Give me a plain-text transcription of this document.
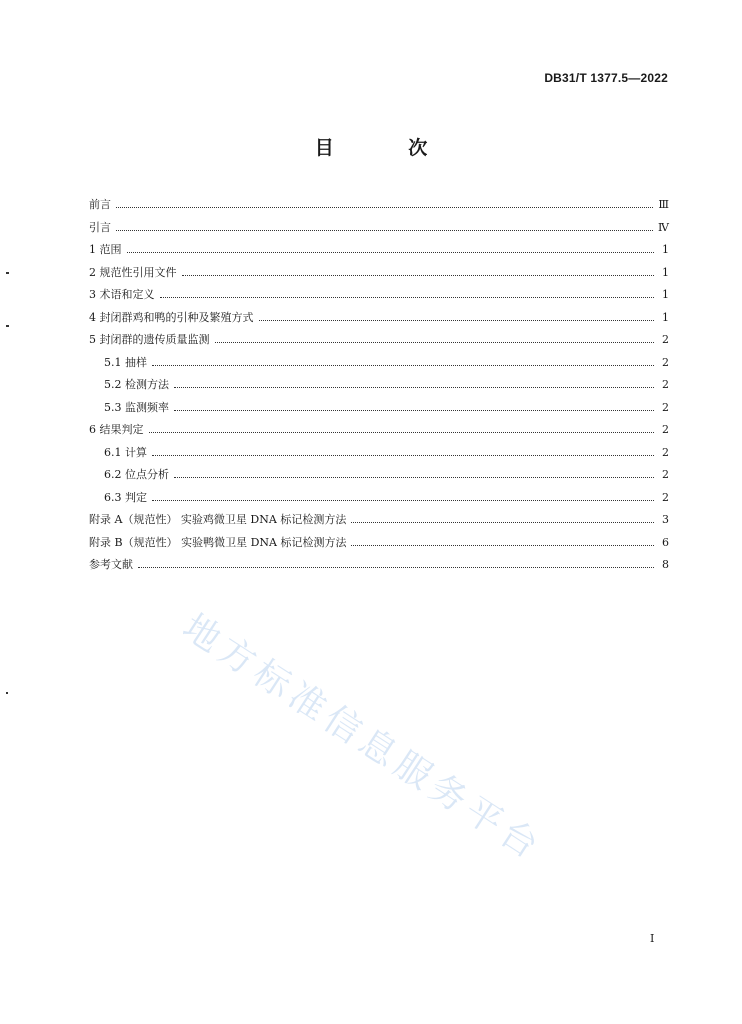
DB31/T 1377.5—2022
目 次
前言	Ⅲ
引言	Ⅳ
1 范围	1
2 规范性引用文件	1
3 术语和定义	1
4 封闭群鸡和鸭的引种及繁殖方式	1
5 封闭群的遗传质量监测	2
5.1 抽样	2
5.2 检测方法	2
5.3 监测频率	2
6 结果判定	2
6.1 计算	2
6.2 位点分析	2
6.3 判定	2
附录 A（规范性） 实验鸡微卫星 DNA 标记检测方法	3
附录 B（规范性） 实验鸭微卫星 DNA 标记检测方法	6
参考文献	8
I
地方标准信息服务平台
